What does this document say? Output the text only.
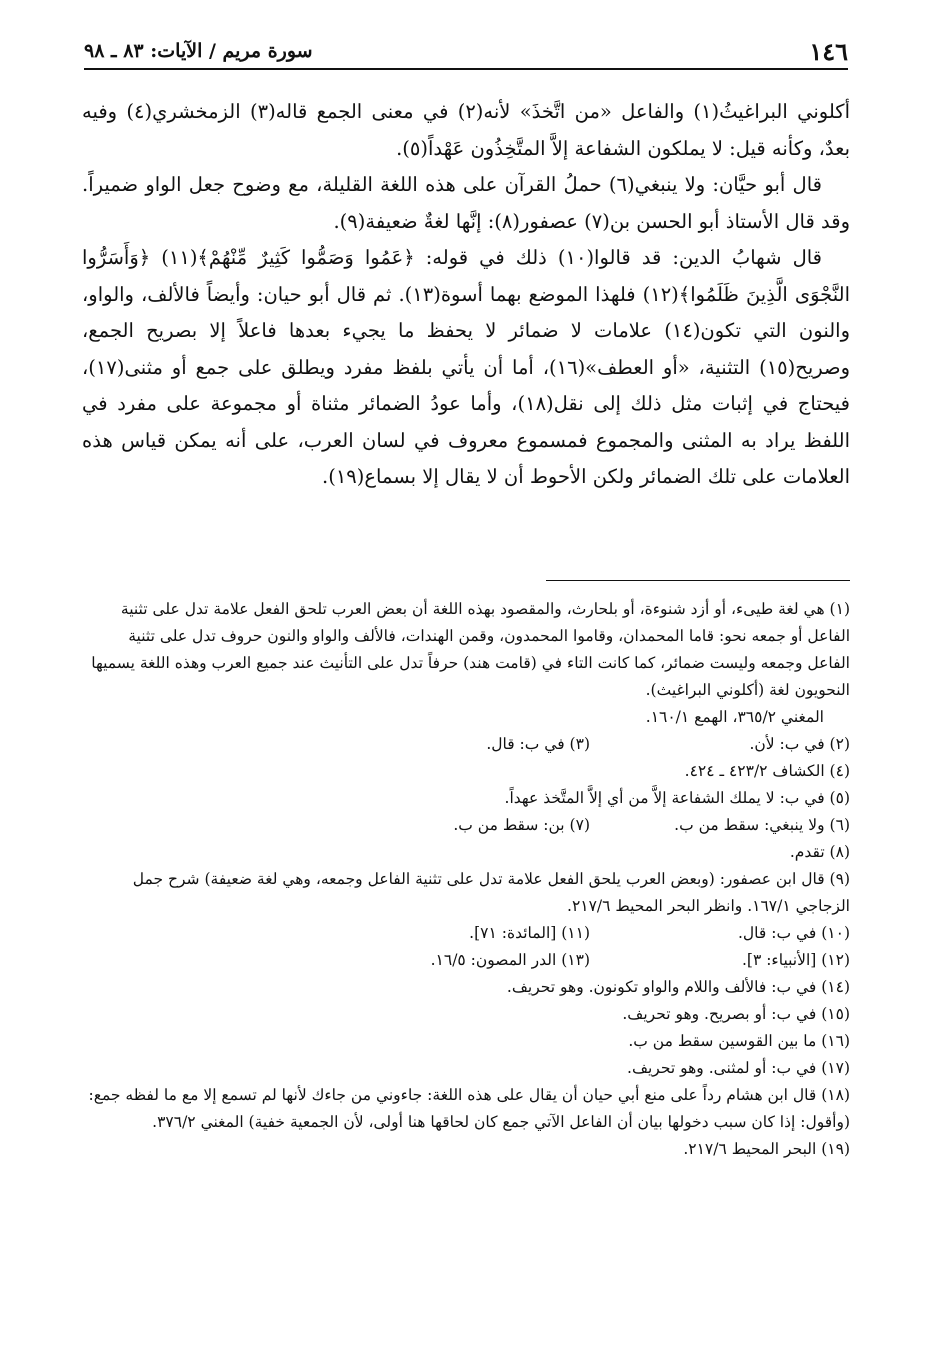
١٤٦
سورة مريم / الآيات: ٨٣ ـ ٩٨

أكلوني البراغيثُ(١) والفاعل «من اتَّخذَ» لأنه(٢) في معنى الجمع قاله(٣) الزمخشري(٤) وفيه بعدٌ، وكأنه قيل: لا يملكون الشفاعة إلاَّ المتَّخِذُون عَهْداً(٥).

قال أبو حيَّان: ولا ينبغي(٦) حملُ القرآن على هذه اللغة القليلة، مع وضوح جعل الواو ضميراً. وقد قال الأستاذ أبو الحسن بن(٧) عصفور(٨): إنَّها لغةٌ ضعيفة(٩).

قال شهابُ الدين: قد قالوا(١٠) ذلك في قوله: ﴿عَمُوا وَصَمُّوا كَثِيرٌ مِّنْهُمْ﴾(١١) ﴿وَأَسَرُّوا النَّجْوَى الَّذِينَ ظَلَمُوا﴾(١٢) فلهذا الموضع بهما أسوة(١٣). ثم قال أبو حيان: وأيضاً فالألف، والواو، والنون التي تكون(١٤) علامات لا ضمائر لا يحفظ ما يجيء بعدها فاعلاً إلا بصريح الجمع، وصريح(١٥) التثنية، «أو العطف»(١٦)، أما أن يأتي بلفظ مفرد ويطلق على جمع أو مثنى(١٧)، فيحتاج في إثبات مثل ذلك إلى نقل(١٨)، وأما عودُ الضمائر مثناة أو مجموعة على مفرد في اللفظ يراد به المثنى والمجموع فمسموع معروف في لسان العرب، على أنه يمكن قياس هذه العلامات على تلك الضمائر ولكن الأحوط أن لا يقال إلا بسماع(١٩).

(١) هي لغة طيىء، أو أزد شنوءة، أو بلحارث، والمقصود بهذه اللغة أن بعض العرب تلحق الفعل علامة تدل على تثنية الفاعل أو جمعه نحو: قاما المحمدان، وقاموا المحمدون، وقمن الهندات، فالألف والواو والنون حروف تدل على تثنية الفاعل وجمعه وليست ضمائر، كما كانت التاء في (قامت هند) حرفاً تدل على التأنيث عند جميع العرب وهذه اللغة يسميها النحويون لغة (أكلوني البراغيث).
المغني ٣٦٥/٢، الهمع ١٦٠/١.

(٢) في ب: لأن.
(٣) في ب: قال.

(٤) الكشاف ٤٢٣/٢ ـ ٤٢٤.

(٥) في ب: لا يملك الشفاعة إلاَّ من أي إلاَّ المتَّخذ عهداً.

(٦) ولا ينبغي: سقط من ب.
(٧) بن: سقط من ب.

(٨) تقدم.

(٩) قال ابن عصفور: (وبعض العرب يلحق الفعل علامة تدل على تثنية الفاعل وجمعه، وهي لغة ضعيفة) شرح جمل الزجاجي ١٦٧/١. وانظر البحر المحيط ٢١٧/٦.

(١٠) في ب: قال.
(١١) [المائدة: ٧١].
(١٢) [الأنبياء: ٣].
(١٣) الدر المصون: ١٦/٥.

(١٤) في ب: فالألف واللام والواو تكونون. وهو تحريف.

(١٥) في ب: أو بصريح. وهو تحريف.

(١٦) ما بين القوسين سقط من ب.

(١٧) في ب: أو لمثنى. وهو تحريف.

(١٨) قال ابن هشام رداً على منع أبي حيان أن يقال على هذه اللغة: جاءوني من جاءك لأنها لم تسمع إلا مع ما لفظه جمع: (وأقول: إذا كان سبب دخولها بيان أن الفاعل الآتي جمع كان لحاقها هنا أولى، لأن الجمعية خفية) المغني ٣٧٦/٢.

(١٩) البحر المحيط ٢١٧/٦.
